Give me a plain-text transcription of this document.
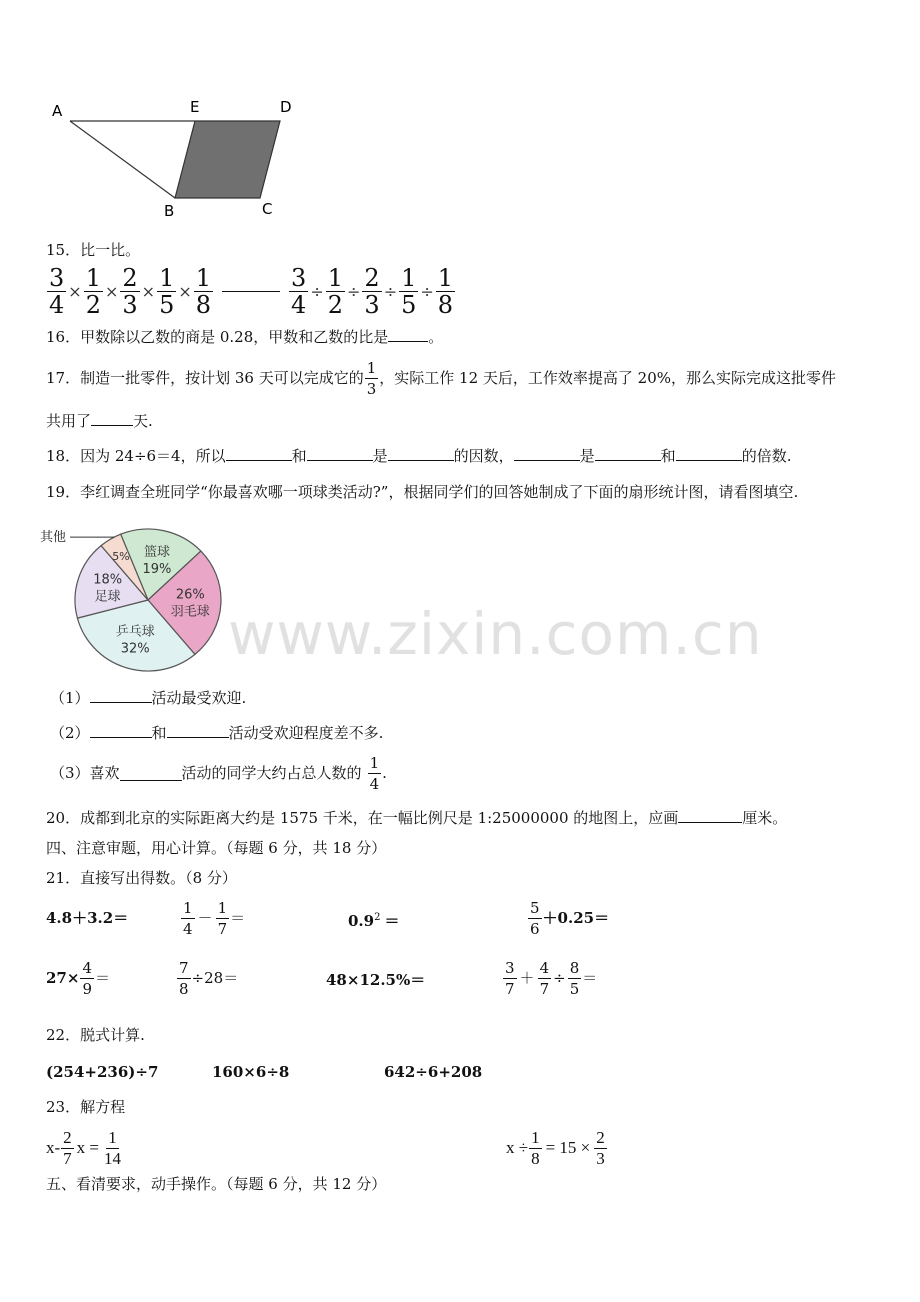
A	E	D
B	C
15．比一比。
$\frac{3}{4} \times \frac{1}{2} \times \frac{2}{3} \times \frac{1}{5} \times \frac{1}{8}$	$\frac{3}{4} \div \frac{1}{2} \div \frac{2}{3} \div \frac{1}{5} \div \frac{1}{8}$
16．甲数除以乙数的商是 0.28，甲数和乙数的比是	。
17．制造一批零件，按计划 36 天可以完成它的 $\frac{1}{3}$ ，实际工作 12 天后，工作效率提高了 20%，那么实际完成这批零件
共用了	天.
18．因为 24÷6＝4，所以	和	是	的因数，	是	和	的倍数.
19．李红调查全班同学“你最喜欢哪一项球类活动?”，根据同学们的回答她制成了下面的扇形统计图，请看图填空.
篮球
19%
26%
羽毛球
乒乓球
32%
18%
足球
5%
其他
www.zixin.com.cn
（1）	活动最受欢迎.
（2）	和	活动受欢迎程度差不多.
（3）喜欢	活动的同学大约占总人数的 $\frac{1}{4}$ .
20．成都到北京的实际距离大约是 1575 千米，在一幅比例尺是 1:25000000 的地图上，应画	厘米。
四、注意审题，用心计算。（每题 6 分，共 18 分）
21．直接写出得数。（8 分）
4.8＋3.2＝	$\frac{1}{4} - \frac{1}{7}$ ＝	$0.9^2$ ＝	$\frac{5}{6} +0.25=$
$27\times \frac{4}{9}$ ＝	$\frac{7}{8} \div 28=$	48×12.5%＝	$\frac{3}{7} + \frac{4}{7} \div \frac{8}{5}$ ＝
22．脱式计算.
(254+236)÷7	160×6÷8	642÷6+208
23．解方程
$x- \frac{2}{7}$ $x = \frac{1}{14}$	$x \div \frac{1}{8} = 15 \times \frac{2}{3}$
五、看清要求，动手操作。（每题 6 分，共 12 分）
